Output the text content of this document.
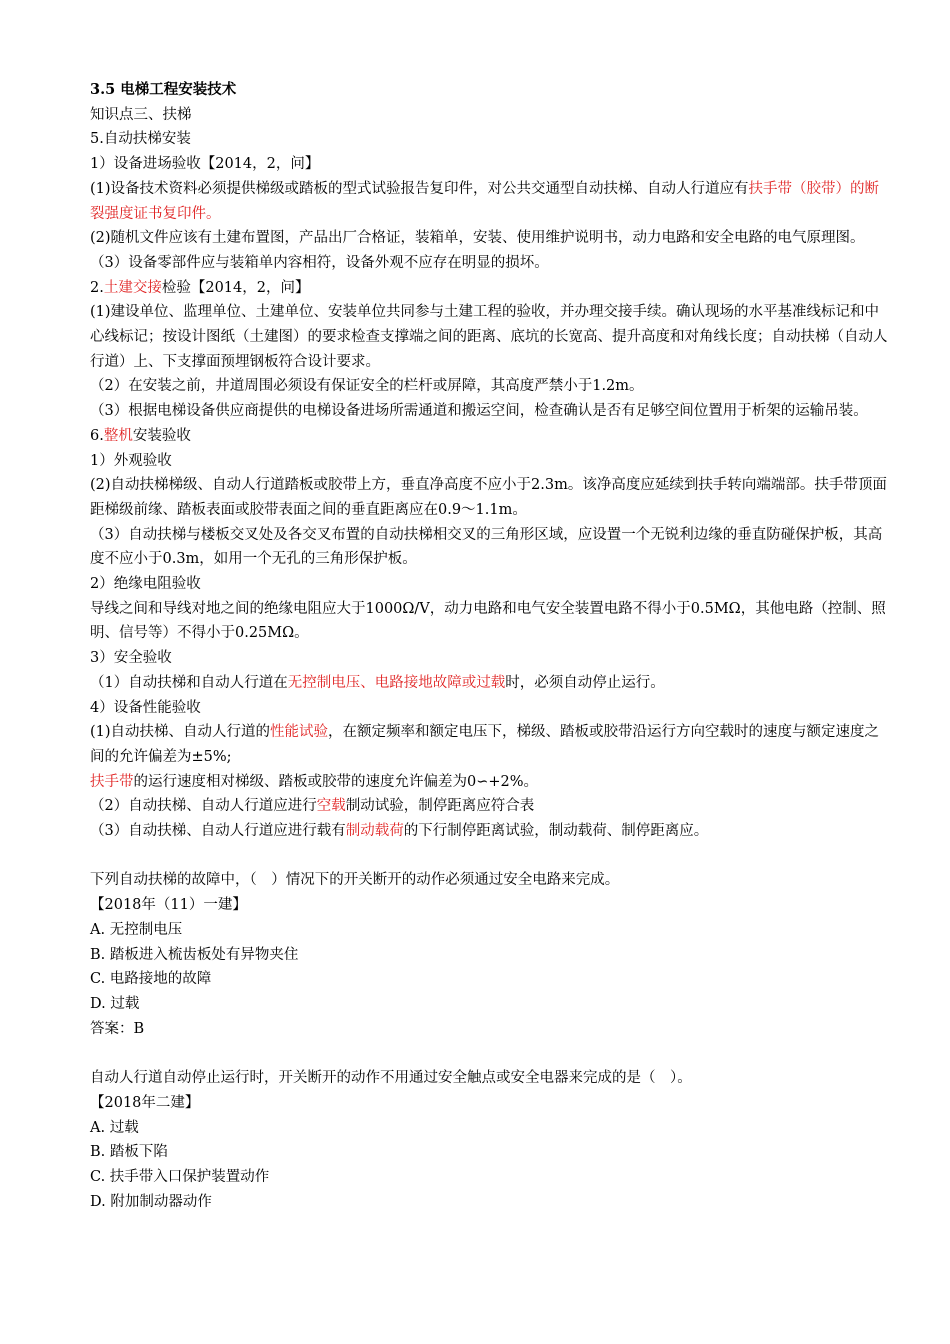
3.5 电梯工程安装技术

知识点三、扶梯

5.自动扶梯安装

1）设备进场验收【2014，2，问】

(1)设备技术资料必须提供梯级或踏板的型式试验报告复印件，对公共交通型自动扶梯、自动人行道应有扶手带（胶带）的断裂强度证书复印件。

(2)随机文件应该有土建布置图，产品出厂合格证，装箱单，安装、使用维护说明书，动力电路和安全电路的电气原理图。

（3）设备零部件应与装箱单内容相符，设备外观不应存在明显的损坏。

2.土建交接检验【2014，2，问】

(1)建设单位、监理单位、土建单位、安装单位共同参与土建工程的验收，并办理交接手续。确认现场的水平基准线标记和中心线标记；按设计图纸（土建图）的要求检查支撑端之间的距离、底坑的长宽高、提升高度和对角线长度；自动扶梯（自动人行道）上、下支撑面预埋钢板符合设计要求。

（2）在安装之前，井道周围必须设有保证安全的栏杆或屏障，其高度严禁小于1.2m。

（3）根据电梯设备供应商提供的电梯设备进场所需通道和搬运空间，检查确认是否有足够空间位置用于析架的运输吊装。

6.整机安装验收

1）外观验收

(2)自动扶梯梯级、自动人行道踏板或胶带上方，垂直净高度不应小于2.3m。该净高度应延续到扶手转向端端部。扶手带顶面距梯级前缘、踏板表面或胶带表面之间的垂直距离应在0.9～1.1m。

（3）自动扶梯与楼板交叉处及各交叉布置的自动扶梯相交叉的三角形区域，应设置一个无锐利边缘的垂直防碰保护板，其高度不应小于0.3m，如用一个无孔的三角形保护板。

2）绝缘电阻验收

导线之间和导线对地之间的绝缘电阻应大于1000Ω/V，动力电路和电气安全装置电路不得小于0.5MΩ，其他电路（控制、照明、信号等）不得小于0.25MΩ。

3）安全验收

（1）自动扶梯和自动人行道在无控制电压、电路接地故障或过载时，必须自动停止运行。

4）设备性能验收

(1)自动扶梯、自动人行道的性能试验，在额定频率和额定电压下，梯级、踏板或胶带沿运行方向空载时的速度与额定速度之间的允许偏差为±5%;

扶手带的运行速度相对梯级、踏板或胶带的速度允许偏差为0∽+2%。

（2）自动扶梯、自动人行道应进行空载制动试验，制停距离应符合表

（3）自动扶梯、自动人行道应进行载有制动载荷的下行制停距离试验，制动载荷、制停距离应。

下列自动扶梯的故障中，（　）情况下的开关断开的动作必须通过安全电路来完成。

【2018年（11）一建】

A. 无控制电压

B. 踏板进入梳齿板处有异物夹住

C. 电路接地的故障

D. 过载

答案：B

自动人行道自动停止运行时，开关断开的动作不用通过安全触点或安全电器来完成的是（　）。

【2018年二建】

A. 过载

B. 踏板下陷

C. 扶手带入口保护装置动作

D. 附加制动器动作
